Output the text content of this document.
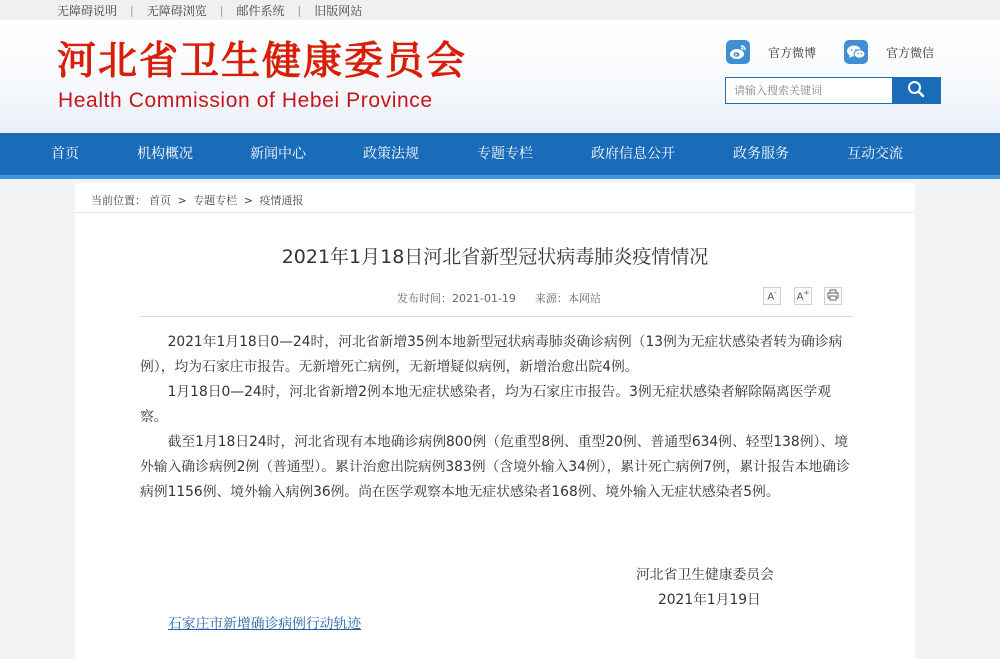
无障碍说明 | 无障碍浏览 | 邮件系统 | 旧版网站
河北省卫生健康委员会
Health Commission of Hebei Province
官方微博	官方微信
请输入搜索关键词
首页	机构概况	新闻中心	政策法规	专题专栏	政府信息公开	政务服务	互动交流
当前位置： 首页 > 专题专栏 > 疫情通报
2021年1月18日河北省新型冠状病毒肺炎疫情情况
发布时间：2021-01-19 来源：本网站	A- A+

2021年1月18日0—24时，河北省新增35例本地新型冠状病毒肺炎确诊病例（13例为无症状感染者转为确诊病例），均为石家庄市报告。无新增死亡病例，无新增疑似病例，新增治愈出院4例。

1月18日0—24时，河北省新增2例本地无症状感染者，均为石家庄市报告。3例无症状感染者解除隔离医学观察。

截至1月18日24时，河北省现有本地确诊病例800例（危重型8例、重型20例、普通型634例、轻型138例）、境外输入确诊病例2例（普通型）。累计治愈出院病例383例（含境外输入34例），累计死亡病例7例，累计报告本地确诊病例1156例、境外输入病例36例。尚在医学观察本地无症状感染者168例、境外输入无症状感染者5例。

河北省卫生健康委员会
2021年1月19日
石家庄市新增确诊病例行动轨迹
